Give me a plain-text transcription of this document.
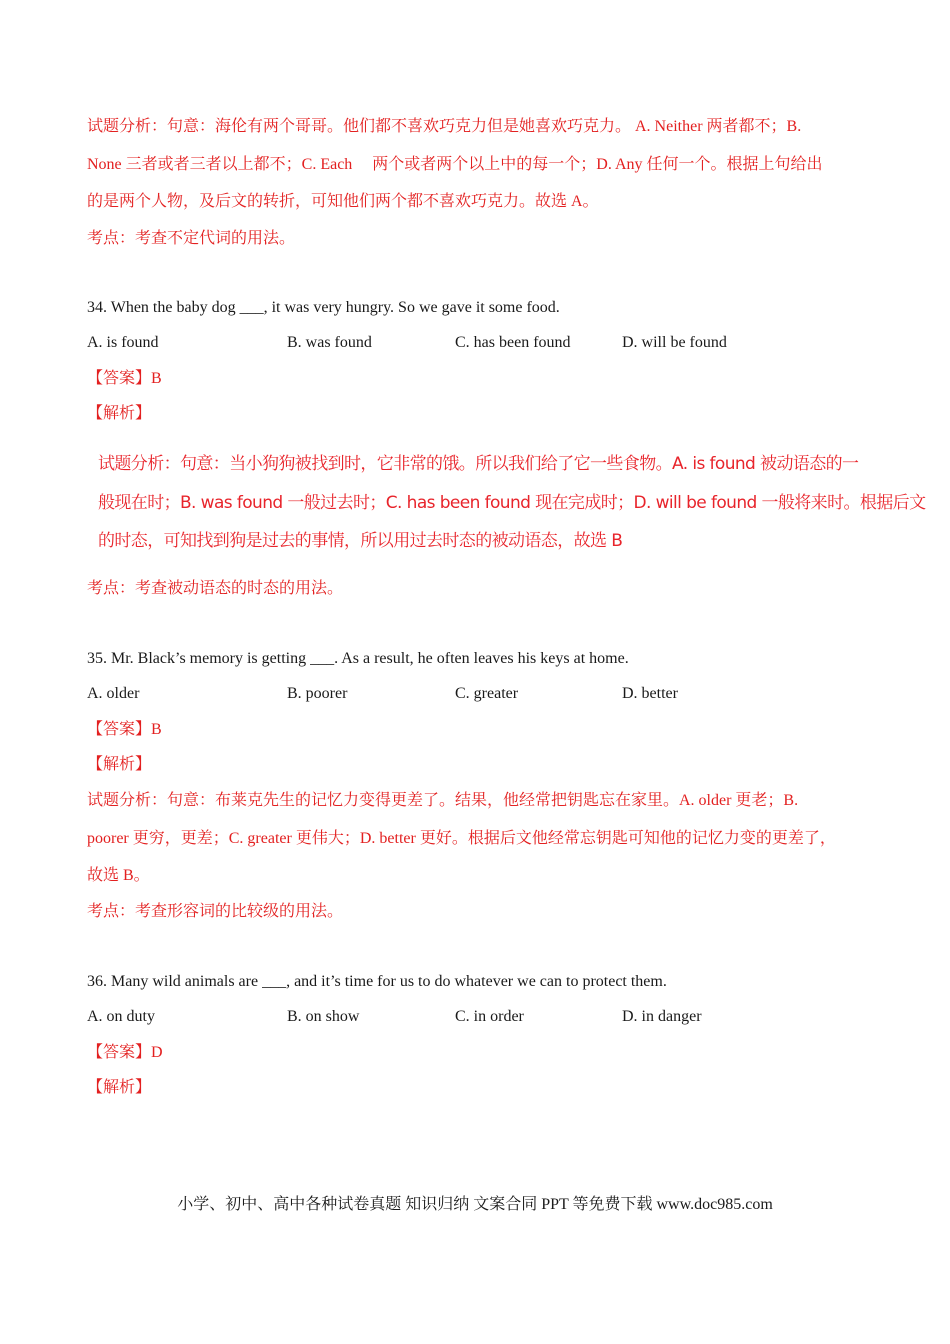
试题分析：句意：海伦有两个哥哥。他们都不喜欢巧克力但是她喜欢巧克力。 A. Neither 两者都不；B.
None 三者或者三者以上都不；C. Each　 两个或者两个以上中的每一个；D. Any 任何一个。根据上句给出
的是两个人物，及后文的转折，可知他们两个都不喜欢巧克力。故选 A。
考点：考查不定代词的用法。
34. When the baby dog ___, it was very hungry. So we gave it some food.
A. is found	B. was found	C. has been found	D. will be found
【答案】B
【解析】
试题分析：句意：当小狗狗被找到时，它非常的饿。所以我们给了它一些食物。A. is found 被动语态的一
般现在时；B. was found 一般过去时；C. has been found 现在完成时；D. will be found 一般将来时。根据后文
的时态，可知找到狗是过去的事情，所以用过去时态的被动语态，故选 B
考点：考查被动语态的时态的用法。
35. Mr. Black’s memory is getting ___. As a result, he often leaves his keys at home.
A. older	B. poorer	C. greater	D. better
【答案】B
【解析】
试题分析：句意：布莱克先生的记忆力变得更差了。结果，他经常把钥匙忘在家里。A. older 更老；B.
poorer 更穷，更差；C. greater 更伟大；D. better 更好。根据后文他经常忘钥匙可知他的记忆力变的更差了，
故选 B。
考点：考查形容词的比较级的用法。
36. Many wild animals are ___, and it’s time for us to do whatever we can to protect them.
A. on duty	B. on show	C. in order	D. in danger
【答案】D
【解析】
小学、初中、高中各种试卷真题 知识归纳 文案合同 PPT 等免费下载 www.doc985.com
